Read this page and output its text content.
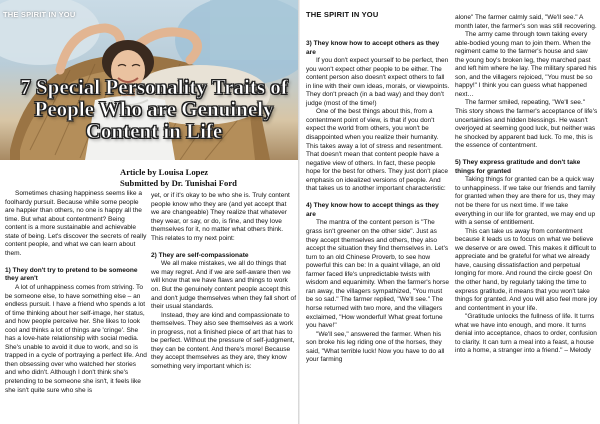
THE SPIRIT IN YOU
7 Special Personality Traits of People Who are Genuinely Content in Life
Article by Louisa Lopez
Submitted by Dr. Tunishai Ford

Sometimes chasing happiness seems like a foolhardy pursuit. Because while some people are happier than others, no one is happy all the time. But what about contentment? Being content is a more sustainable and achievable state of being. Let's discover the secrets of really content people, and what we can learn about them.

1) They don't try to pretend to be someone they aren't

A lot of unhappiness comes from striving. To be someone else, to have something else – an endless pursuit. I have a friend who spends a lot of time thinking about her self-image, her status, and how people perceive her. She likes to look cool and thinks a lot of things are 'cringe'. She has a love-hate relationship with social media. She's unable to avoid it due to work, and so is trapped in a cycle of portraying a perfect life. And then obsessing over who watched her stories and who didn't. Although I don't think she's pretending to be someone she isn't, it feels like she isn't quite sure who she is

yet, or if it's okay to be who she is. Truly content people know who they are (and yet accept that we are changeable) They realize that whatever they wear, or say, or do, is fine, and they love themselves for it, no matter what others think. This relates to my next point:

2) They are self-compassionate

We all make mistakes, we all do things that we may regret. And if we are self-aware then we will know that we have flaws and things to work on. But the genuinely content people accept this and don't judge themselves when they fall short of their usual standards.

Instead, they are kind and compassionate to themselves. They also see themselves as a work in progress, not a finished piece of art that has to be perfect. Without the pressure of self-judgment, they can be content. And there's more! Because they accept themselves as they are, they know something very important which is:

THE SPIRIT IN YOU
3) They know how to accept others as they are

If you don't expect yourself to be perfect, then you won't expect other people to be either. The content person also doesn't expect others to fall in line with their own ideas, morals, or viewpoints. They don't preach (in a bad way) and they don't judge (most of the time!)

One of the best things about this, from a contentment point of view, is that if you don't expect the world from others, you won't be disappointed when you realize their humanity. This takes away a lot of stress and resentment. That doesn't mean that content people have a negative view of others. In fact, these people hope for the best for others. They just don't place emphasis on idealized versions of people. And that takes us to another important characteristic:

4) They know how to accept things as they are

The mantra of the content person is "The grass isn't greener on the other side". Just as they accept themselves and others, they also accept the situation they find themselves in. Let's turn to an old Chinese Proverb, to see how powerful this can be: In a quaint village, an old farmer faced life's unpredictable twists with wisdom and equanimity. When the farmer's horse ran away, the villagers sympathized, "You must be so sad." The farmer replied, "We'll see." The horse returned with two more, and the villagers exclaimed, "How wonderful! What great fortune you have!"

"We'll see," answered the farmer. When his son broke his leg riding one of the horses, they said, "What terrible luck! Now you have to do all your farming

alone" The farmer calmly said, "We'll see." A month later, the farmer's son was still recovering.

The army came through town taking every able-bodied young man to join them. When the regiment came to the farmer's house and saw the young boy's broken leg, they marched past and left him where he lay. The military spared his son, and the villagers rejoiced, "You must be so happy!" I think you can guess what happened next…

The farmer smiled, repeating, "We'll see." This story shows the farmer's acceptance of life's uncertainties and hidden blessings. He wasn't overjoyed at seeming good luck, but neither was he shocked by apparent bad luck. To me, this is the essence of contentment.

5) They express gratitude and don't take things for granted

Taking things for granted can be a quick way to unhappiness. If we take our friends and family for granted when they are there for us, they may not be there for us next time. If we take everything in our life for granted, we may end up with a sense of entitlement.

This can take us away from contentment because it leads us to focus on what we believe we deserve or are owed. This makes it difficult to appreciate and be grateful for what we already have, causing dissatisfaction and perpetual longing for more. And round the circle goes! On the other hand, by regularly taking the time to express gratitude, it means that you won't take things for granted. And you will also feel more joy and contentment in your life.

"Gratitude unlocks the fullness of life. It turns what we have into enough, and more. It turns denial into acceptance, chaos to order, confusion to clarity. It can turn a meal into a feast, a house into a home, a stranger into a friend." – Melody
